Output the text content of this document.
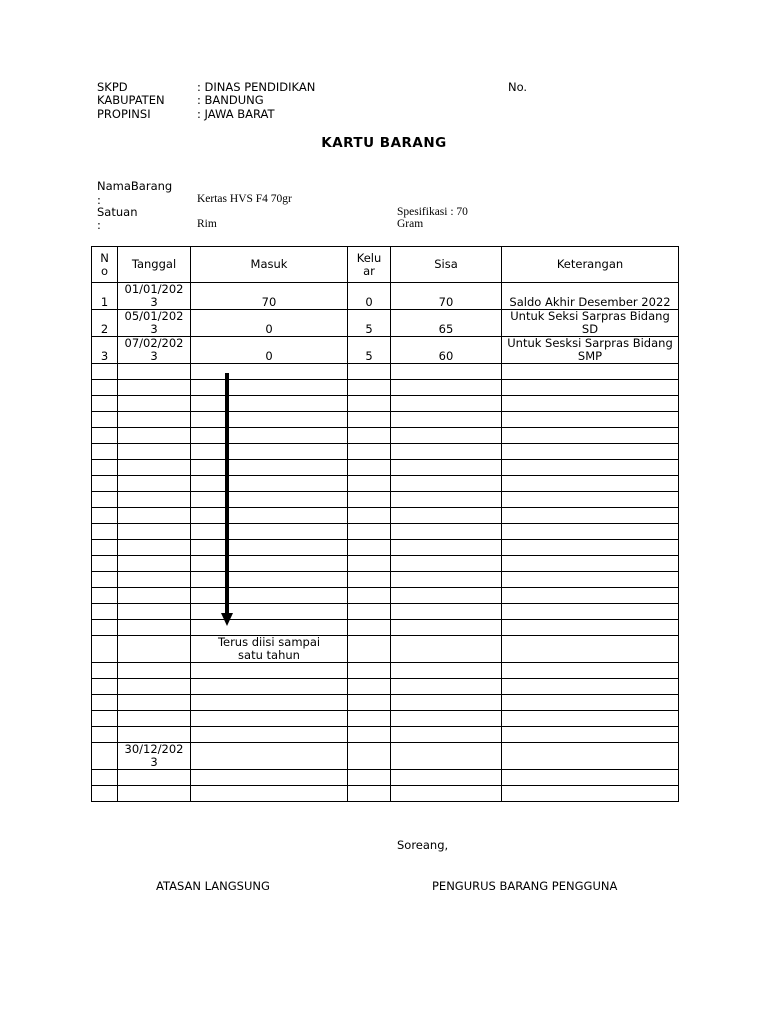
SKPD	: DINAS PENDIDIKAN
KABUPATEN	: BANDUNG
PROPINSI	: JAWA BARAT
No.
KARTU BARANG
NamaBarang
:	Kertas HVS F4 70gr
Satuan
:	Rim
Spesifikasi : 70
Gram
No	Tanggal	Masuk	Keluar	Sisa	Keterangan
1	01/01/2023	70	0	70	Saldo Akhir Desember 2022
2	05/01/2023	0	5	65	Untuk Seksi Sarpras Bidang SD
3	07/02/2023	0	5	60	Untuk Sesksi Sarpras Bidang SMP

		Terus diisi sampai satu tahun			

	30/12/2023				

Soreang,
ATASAN LANGSUNG	PENGURUS BARANG PENGGUNA
